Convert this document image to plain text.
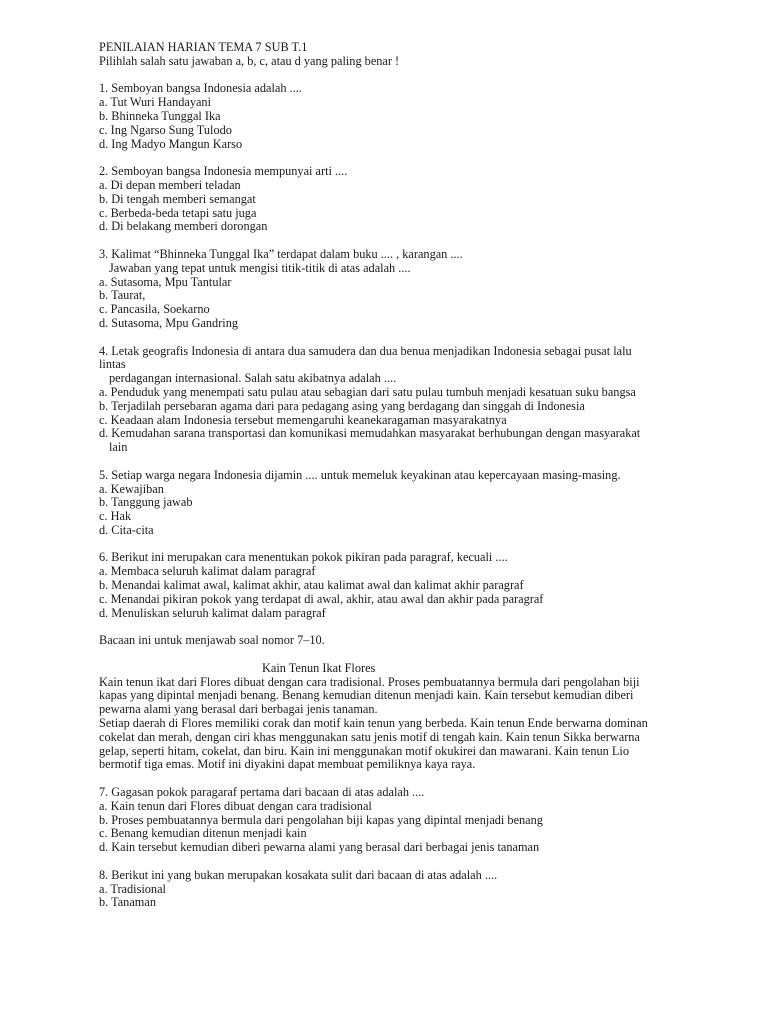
PENILAIAN HARIAN TEMA 7 SUB T.1
Pilihlah salah satu jawaban a, b, c, atau d yang paling benar !
1. Semboyan bangsa Indonesia adalah ....
a. Tut Wuri Handayani
b. Bhinneka Tunggal Ika
c. Ing Ngarso Sung Tulodo
d. Ing Madyo Mangun Karso
2. Semboyan bangsa Indonesia mempunyai arti ....
a. Di depan memberi teladan
b. Di tengah memberi semangat
c. Berbeda-beda tetapi satu juga
d. Di belakang memberi dorongan
3. Kalimat “Bhinneka Tunggal Ika” terdapat dalam buku .... , karangan ....
Jawaban yang tepat untuk mengisi titik-titik di atas adalah ....
a. Sutasoma, Mpu Tantular
b. Taurat,
c. Pancasila, Soekarno
d. Sutasoma, Mpu Gandring
4. Letak geografis Indonesia di antara dua samudera dan dua benua menjadikan Indonesia sebagai pusat lalu
lintas
perdagangan internasional. Salah satu akibatnya adalah ....
a. Penduduk yang menempati satu pulau atau sebagian dari satu pulau tumbuh menjadi kesatuan suku bangsa
b. Terjadilah persebaran agama dari para pedagang asing yang berdagang dan singgah di Indonesia
c. Keadaan alam Indonesia tersebut memengaruhi keanekaragaman masyarakatnya
d. Kemudahan sarana transportasi dan komunikasi memudahkan masyarakat berhubungan dengan masyarakat
lain
5. Setiap warga negara Indonesia dijamin .... untuk memeluk keyakinan atau kepercayaan masing-masing.
a. Kewajiban
b. Tanggung jawab
c. Hak
d. Cita-cita
6. Berikut ini merupakan cara menentukan pokok pikiran pada paragraf, kecuali ....
a. Membaca seluruh kalimat dalam paragraf
b. Menandai kalimat awal, kalimat akhir, atau kalimat awal dan kalimat akhir paragraf
c. Menandai pikiran pokok yang terdapat di awal, akhir, atau awal dan akhir pada paragraf
d. Menuliskan seluruh kalimat dalam paragraf
Bacaan ini untuk menjawab soal nomor 7–10.
Kain Tenun Ikat Flores
Kain tenun ikat dari Flores dibuat dengan cara tradisional. Proses pembuatannya bermula dari pengolahan biji
kapas yang dipintal menjadi benang. Benang kemudian ditenun menjadi kain. Kain tersebut kemudian diberi
pewarna alami yang berasal dari berbagai jenis tanaman.
Setiap daerah di Flores memiliki corak dan motif kain tenun yang berbeda. Kain tenun Ende berwarna dominan
cokelat dan merah, dengan ciri khas menggunakan satu jenis motif di tengah kain. Kain tenun Sikka berwarna
gelap, seperti hitam, cokelat, dan biru. Kain ini menggunakan motif okukirei dan mawarani. Kain tenun Lio
bermotif tiga emas. Motif ini diyakini dapat membuat pemiliknya kaya raya.
7. Gagasan pokok paragaraf pertama dari bacaan di atas adalah ....
a. Kain tenun dari Flores dibuat dengan cara tradisional
b. Proses pembuatannya bermula dari pengolahan biji kapas yang dipintal menjadi benang
c. Benang kemudian ditenun menjadi kain
d. Kain tersebut kemudian diberi pewarna alami yang berasal dari berbagai jenis tanaman
8. Berikut ini yang bukan merupakan kosakata sulit dari bacaan di atas adalah ....
a. Tradisional
b. Tanaman
